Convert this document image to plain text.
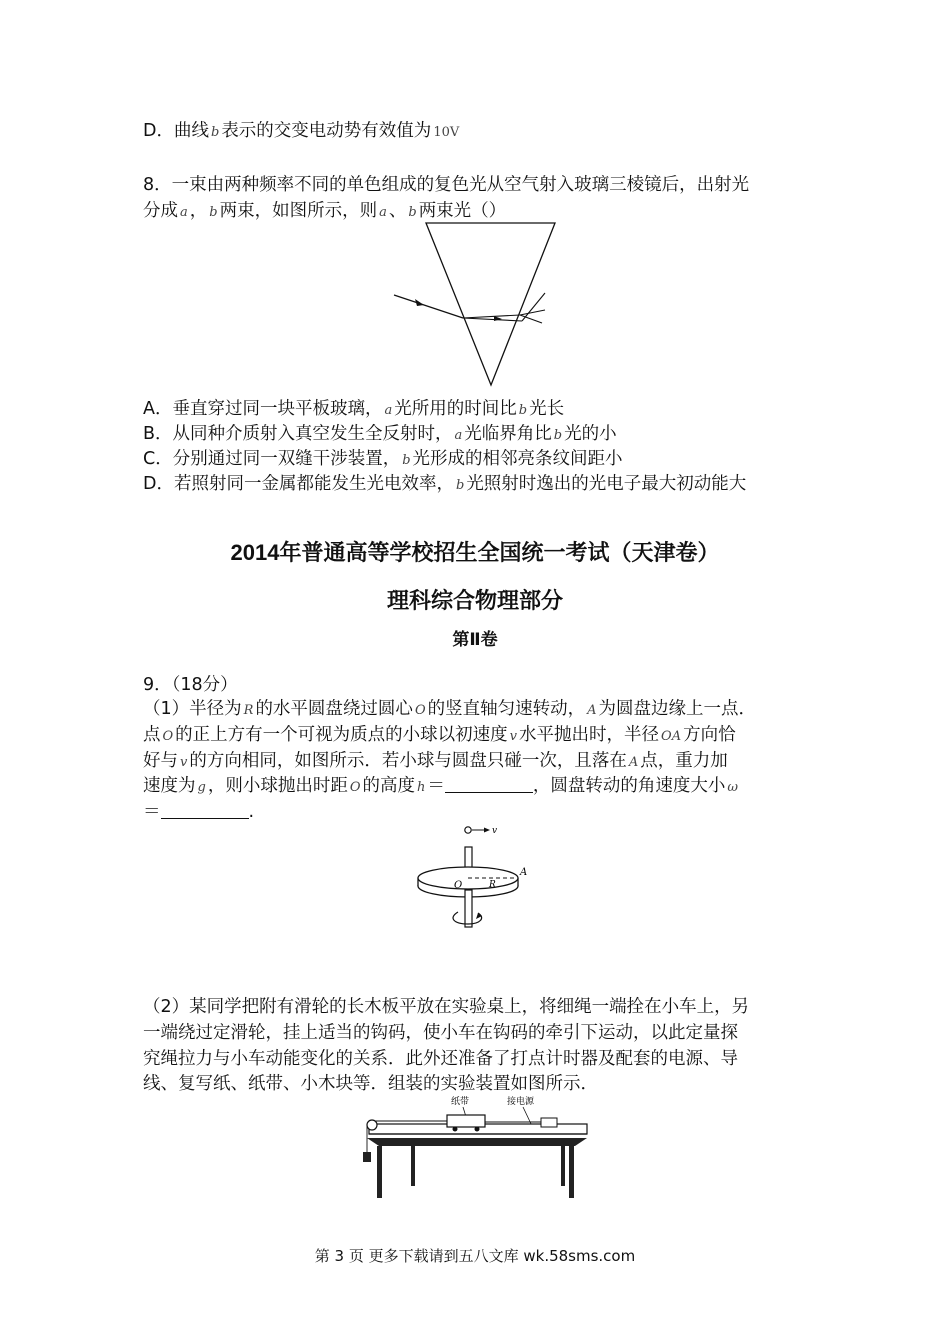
D．曲线 b 表示的交变电动势有效值为 10V
8．一束由两种频率不同的单色组成的复色光从空气射入玻璃三棱镜后，出射光
分成 a ， b 两束，如图所示，则 a 、 b 两束光（）
A．垂直穿过同一块平板玻璃， a 光所用的时间比 b 光长
B．从同种介质射入真空发生全反射时， a 光临界角比 b 光的小
C．分别通过同一双缝干涉装置， b 光形成的相邻亮条纹间距小
D．若照射同一金属都能发生光电效率， b 光照射时逸出的光电子最大初动能大
2014年普通高等学校招生全国统一考试（天津卷）
理科综合物理部分
第Ⅱ卷
9．（18分）
（1）半径为 R 的水平圆盘绕过圆心 O 的竖直轴匀速转动， A 为圆盘边缘上一点．
点 O 的正上方有一个可视为质点的小球以初速度 v 水平抛出时，半径 OA 方向恰
好与 v 的方向相同，如图所示．若小球与圆盘只碰一次，且落在 A 点，重力加
速度为 g ，则小球抛出时距 O 的高度 h ＝	，圆盘转动的角速度大小 ω
＝	.
v
O	R
A
（2）某同学把附有滑轮的长木板平放在实验桌上，将细绳一端拴在小车上，另
一端绕过定滑轮，挂上适当的钩码，使小车在钩码的牵引下运动，以此定量探
究绳拉力与小车动能变化的关系．此外还准备了打点计时器及配套的电源、导
线、复写纸、纸带、小木块等．组装的实验装置如图所示．
纸带	接电源
第 3 页 更多下载请到五八文库 wk.58sms.com
